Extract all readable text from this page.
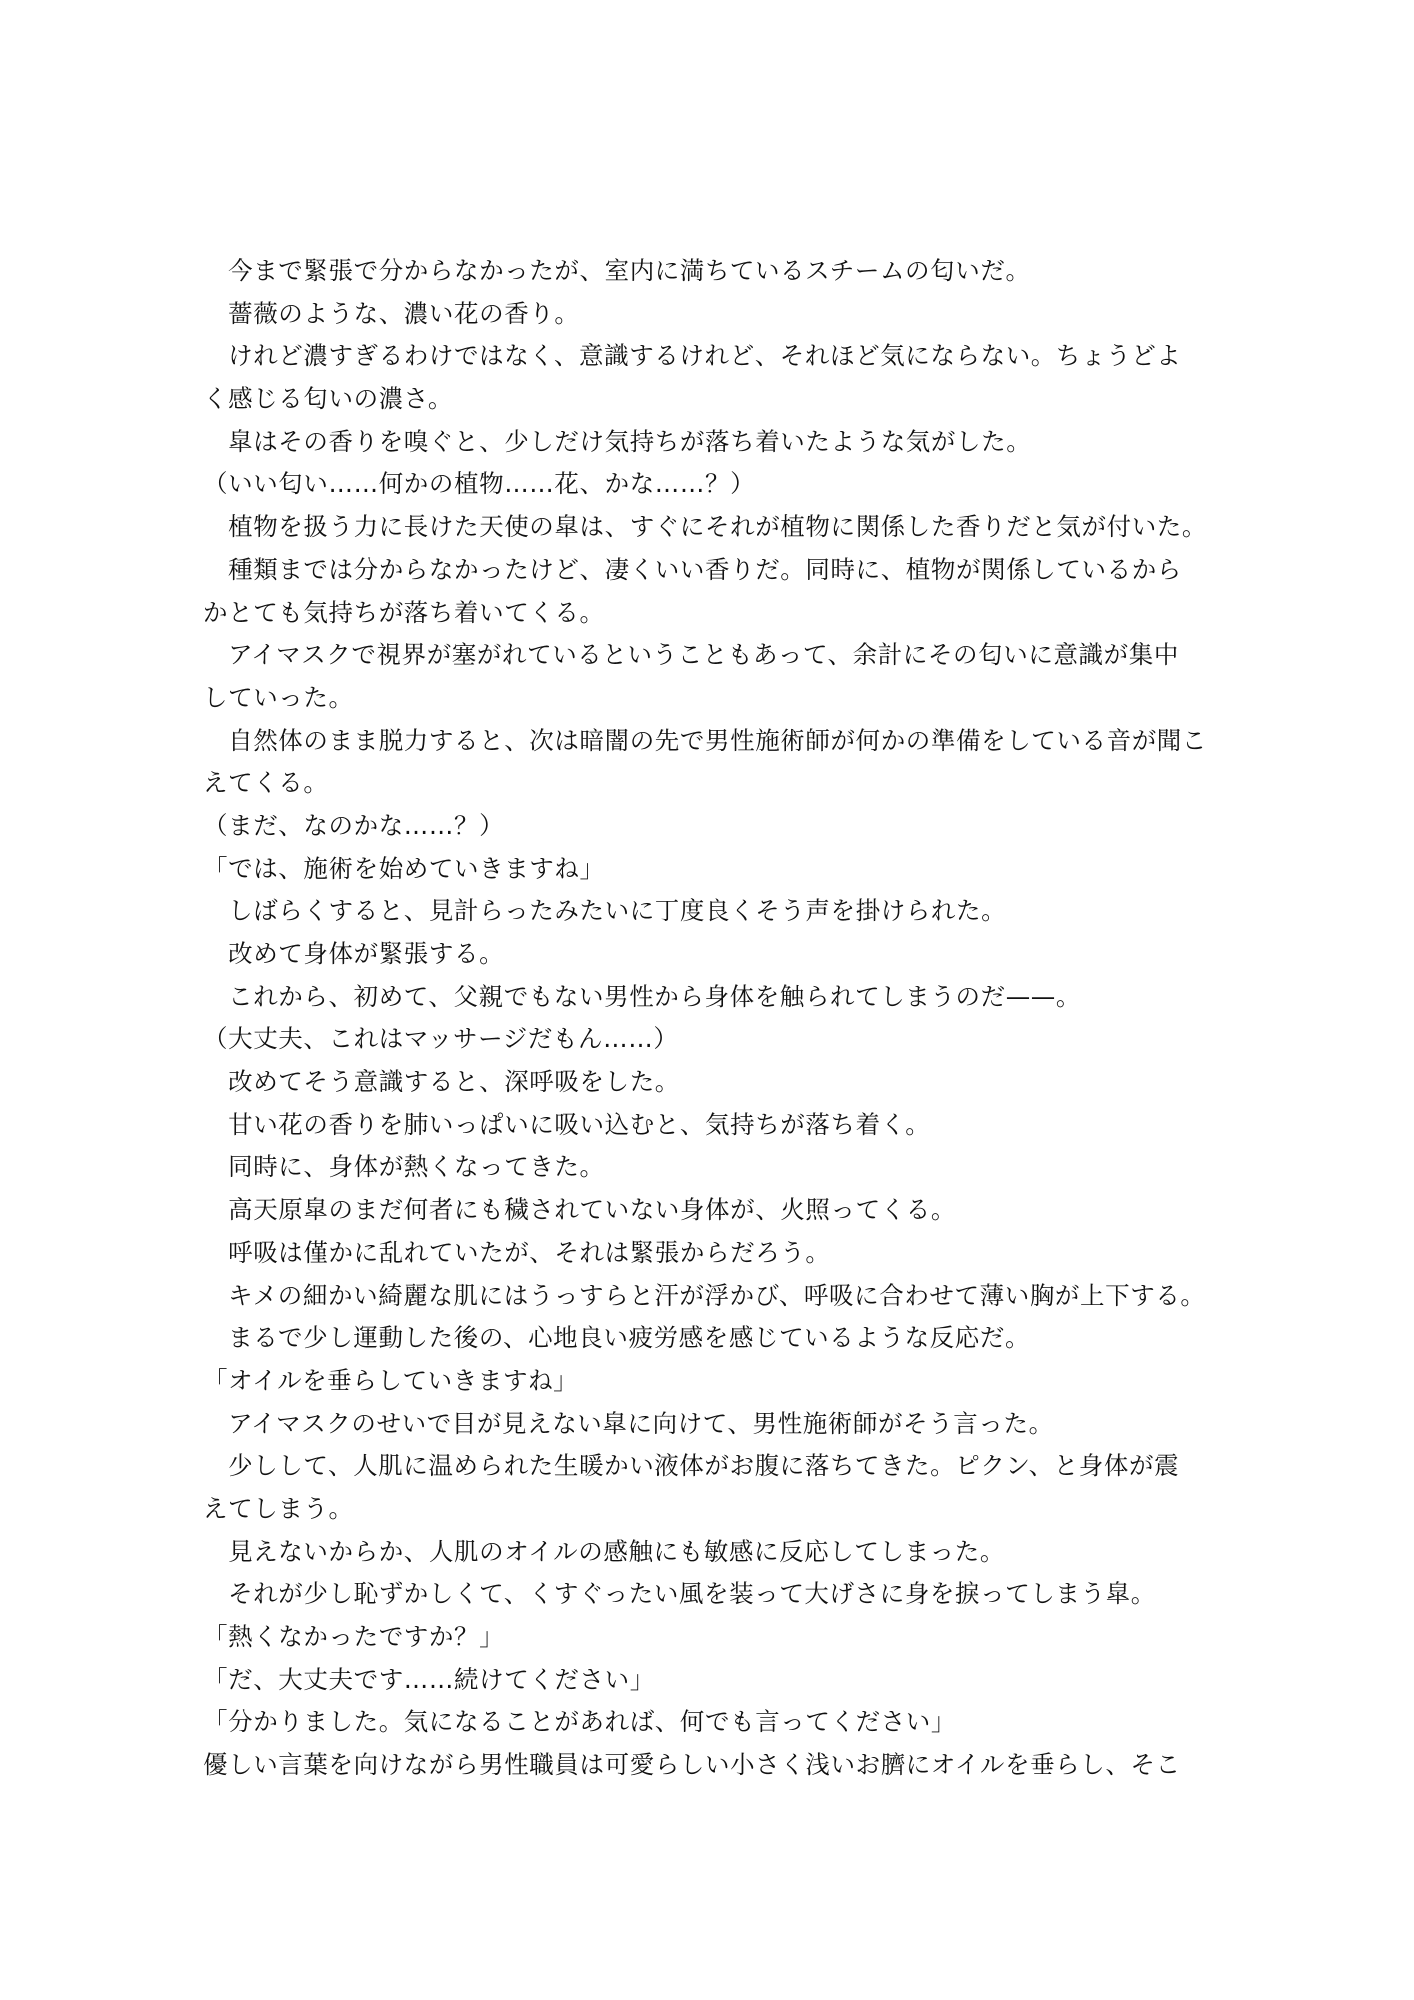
　今まで緊張で分からなかったが、室内に満ちているスチームの匂いだ。
　薔薇のような、濃い花の香り。
　けれど濃すぎるわけではなく、意識するけれど、それほど気にならない。ちょうどよ
く感じる匂いの濃さ。
　皐はその香りを嗅ぐと、少しだけ気持ちが落ち着いたような気がした。
（いい匂い……何かの植物……花、かな……？）
　植物を扱う力に長けた天使の皐は、すぐにそれが植物に関係した香りだと気が付いた。
　種類までは分からなかったけど、凄くいい香りだ。同時に、植物が関係しているから
かとても気持ちが落ち着いてくる。
　アイマスクで視界が塞がれているということもあって、余計にその匂いに意識が集中
していった。
　自然体のまま脱力すると、次は暗闇の先で男性施術師が何かの準備をしている音が聞こ
えてくる。
（まだ、なのかな……？）
「では、施術を始めていきますね」
　しばらくすると、見計らったみたいに丁度良くそう声を掛けられた。
　改めて身体が緊張する。
　これから、初めて、父親でもない男性から身体を触られてしまうのだ——。
（大丈夫、これはマッサージだもん……）
　改めてそう意識すると、深呼吸をした。
　甘い花の香りを肺いっぱいに吸い込むと、気持ちが落ち着く。
　同時に、身体が熱くなってきた。
　高天原皐のまだ何者にも穢されていない身体が、火照ってくる。
　呼吸は僅かに乱れていたが、それは緊張からだろう。
　キメの細かい綺麗な肌にはうっすらと汗が浮かび、呼吸に合わせて薄い胸が上下する。
　まるで少し運動した後の、心地良い疲労感を感じているような反応だ。
「オイルを垂らしていきますね」
　アイマスクのせいで目が見えない皐に向けて、男性施術師がそう言った。
　少しして、人肌に温められた生暖かい液体がお腹に落ちてきた。ピクン、と身体が震
えてしまう。
　見えないからか、人肌のオイルの感触にも敏感に反応してしまった。
　それが少し恥ずかしくて、くすぐったい風を装って大げさに身を捩ってしまう皐。
「熱くなかったですか？」
「だ、大丈夫です……続けてください」
「分かりました。気になることがあれば、何でも言ってください」
優しい言葉を向けながら男性職員は可愛らしい小さく浅いお臍にオイルを垂らし、そこ
